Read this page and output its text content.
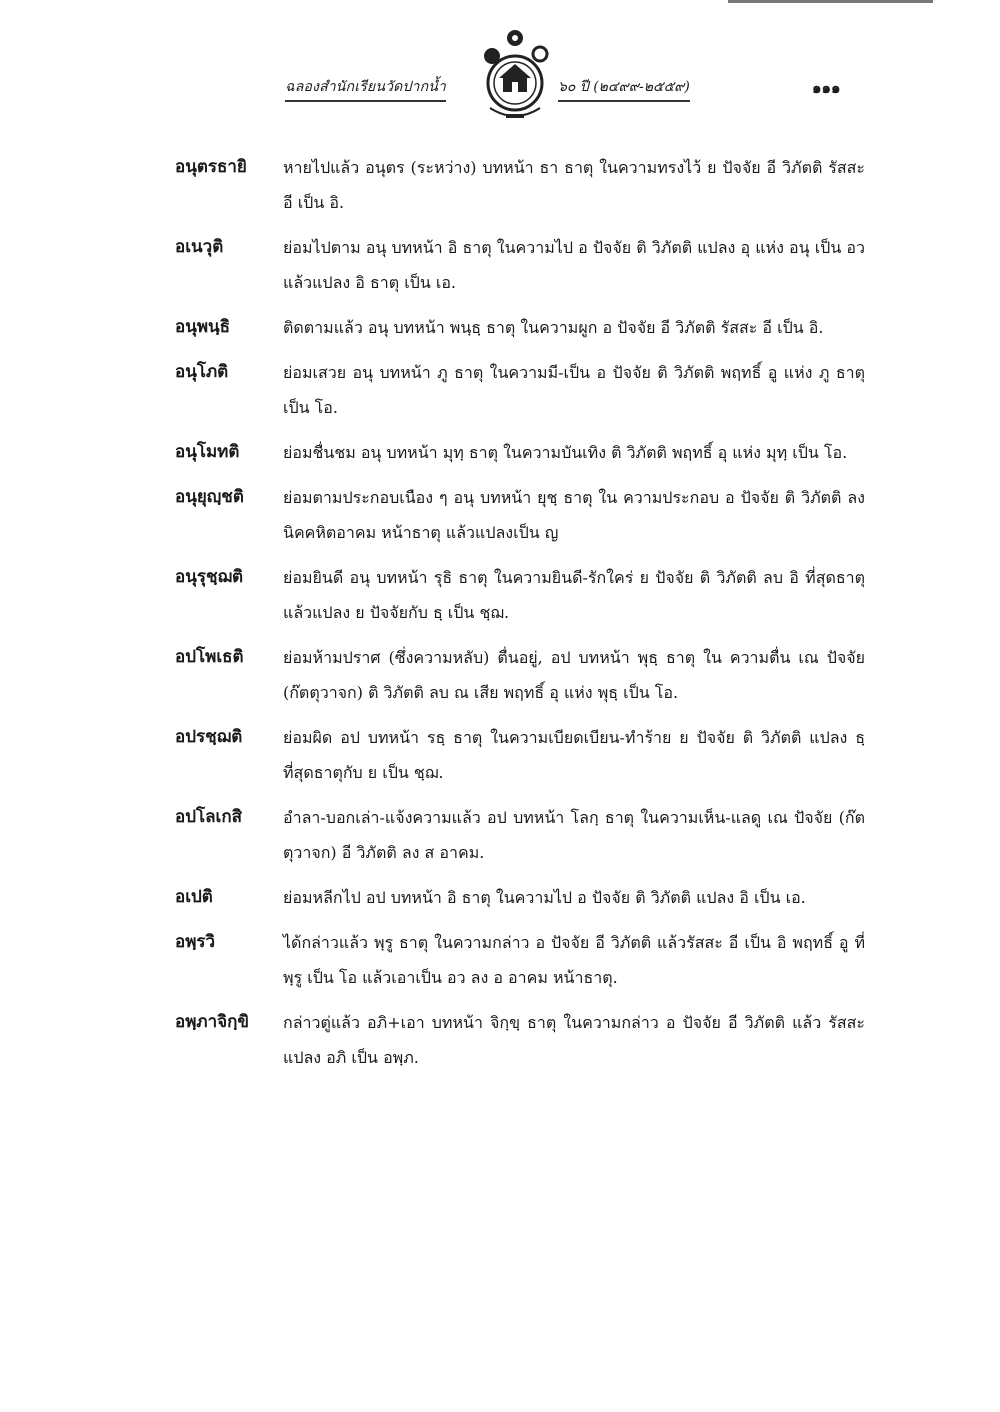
ฉลองสำนักเรียนวัดปากน้ำ	๖๐ ปี (๒๔๙๙-๒๕๕๙)	๑๑๑
อนุตรธายิ	หายไปแล้ว อนุตร (ระหว่าง) บทหน้า ธา ธาตุ ในความทรงไว้ ย ปัจจัย อี วิภัตติ รัสสะ อี เป็น อิ.
อเนวุติ	ย่อมไปตาม อนุ บทหน้า อิ ธาตุ ในความไป อ ปัจจัย ติ วิภัตติ แปลง อุ แห่ง อนุ เป็น อว แล้วแปลง อิ ธาตุ เป็น เอ.
อนุพนฺธิ	ติดตามแล้ว อนุ บทหน้า พนฺธฺ ธาตุ ในความผูก อ ปัจจัย อี วิภัตติ รัสสะ อี เป็น อิ.
อนุโภติ	ย่อมเสวย อนุ บทหน้า ภู ธาตุ ในความมี-เป็น อ ปัจจัย ติ วิภัตติ พฤทธิ์ อู แห่ง ภู ธาตุ เป็น โอ.
อนุโมทติ	ย่อมชื่นชม อนุ บทหน้า มุทฺ ธาตุ ในความบันเทิง ติ วิภัตติ พฤทธิ์ อุ แห่ง มุทฺ เป็น โอ.
อนุยุญฺชติ	ย่อมตามประกอบเนือง ๆ อนุ บทหน้า ยุชฺ ธาตุ ใน ความประกอบ อ ปัจจัย ติ วิภัตติ ลง นิคคหิตอาคม หน้าธาตุ แล้วแปลงเป็น ญ
อนุรุชฺฌติ	ย่อมยินดี อนุ บทหน้า รุธิ ธาตุ ในความยินดี-รักใคร่ ย ปัจจัย ติ วิภัตติ ลบ อิ ที่สุดธาตุ แล้วแปลง ย ปัจจัยกับ ธฺ เป็น ชฺฌ.
อปโพเธติ	ย่อมห้ามปราศ (ซึ่งความหลับ) ตื่นอยู่, อป บทหน้า พุธฺ ธาตุ ใน ความตื่น เณ ปัจจัย (ก๊ตตุวาจก) ติ วิภัตติ ลบ ณ เสีย พฤทธิ์ อุ แห่ง พุธฺ เป็น โอ.
อปรชฺฌติ	ย่อมผิด อป บทหน้า รธฺ ธาตุ ในความเบียดเบียน-ทำร้าย ย ปัจจัย ติ วิภัตติ แปลง ธฺ ที่สุดธาตุกับ ย เป็น ชฺฌ.
อปโลเกสิ	อำลา-บอกเล่า-แจ้งความแล้ว อป บทหน้า โลกฺ ธาตุ ในความเห็น-แลดู เณ ปัจจัย (ก๊ตตุวาจก) อี วิภัตติ ลง ส อาคม.
อเปติ	ย่อมหลีกไป อป บทหน้า อิ ธาตุ ในความไป อ ปัจจัย ติ วิภัตติ แปลง อิ เป็น เอ.
อพฺรวิ	ได้กล่าวแล้ว พฺรู ธาตุ ในความกล่าว อ ปัจจัย อี วิภัตติ แล้วรัสสะ อี เป็น อิ พฤทธิ์ อู ที่ พฺรู เป็น โอ แล้วเอาเป็น อว ลง อ อาคม หน้าธาตุ.
อพฺภาจิกฺขิ	กล่าวตู่แล้ว อภิ+เอา บทหน้า จิกฺขฺ ธาตุ ในความกล่าว อ ปัจจัย อี วิภัตติ แล้ว รัสสะ แปลง อภิ เป็น อพฺภ.
